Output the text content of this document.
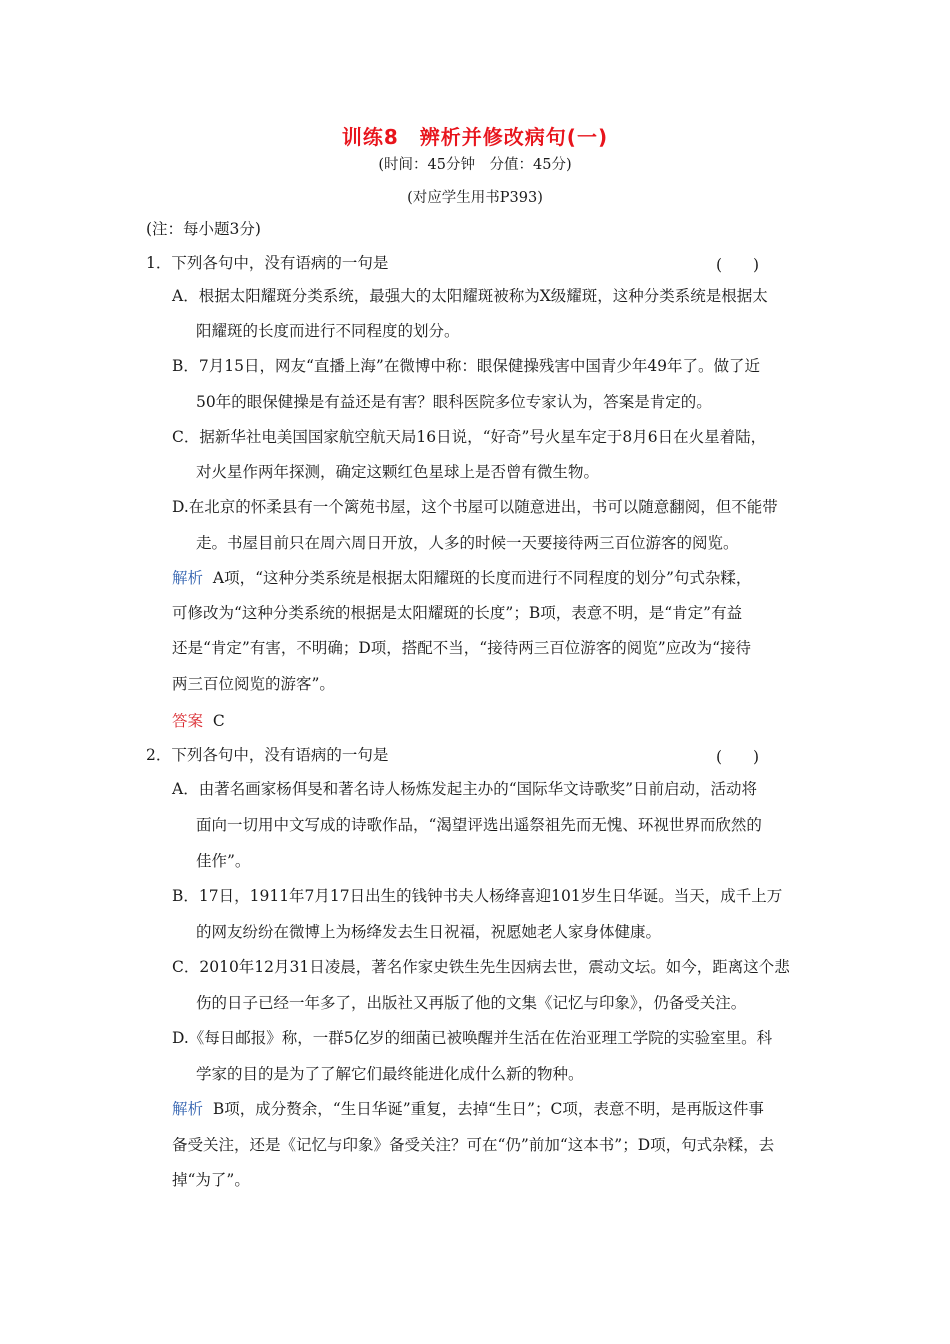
训练8　辨析并修改病句(一)
(时间：45分钟　分值：45分)
(对应学生用书P393)
(注：每小题3分)
1．下列各句中，没有语病的一句是	(　　)
A．根据太阳耀斑分类系统，最强大的太阳耀斑被称为X级耀斑，这种分类系统是根据太
阳耀斑的长度而进行不同程度的划分。
B．7月15日，网友“直播上海”在微博中称：眼保健操残害中国青少年49年了。做了近
50年的眼保健操是有益还是有害？眼科医院多位专家认为，答案是肯定的。
C．据新华社电美国国家航空航天局16日说，“好奇”号火星车定于8月6日在火星着陆，
对火星作两年探测，确定这颗红色星球上是否曾有微生物。
D.在北京的怀柔县有一个篱苑书屋，这个书屋可以随意进出，书可以随意翻阅，但不能带
走。书屋目前只在周六周日开放，人多的时候一天要接待两三百位游客的阅览。
解析 A项，“这种分类系统是根据太阳耀斑的长度而进行不同程度的划分”句式杂糅，
可修改为“这种分类系统的根据是太阳耀斑的长度”；B项，表意不明，是“肯定”有益
还是“肯定”有害，不明确；D项，搭配不当，“接待两三百位游客的阅览”应改为“接待
两三百位阅览的游客”。
答案 C
2．下列各句中，没有语病的一句是	(　　)
A．由著名画家杨佴旻和著名诗人杨炼发起主办的“国际华文诗歌奖”日前启动，活动将
面向一切用中文写成的诗歌作品，“渴望评选出遥祭祖先而无愧、环视世界而欣然的
佳作”。
B．17日，1911年7月17日出生的钱钟书夫人杨绛喜迎101岁生日华诞。当天，成千上万
的网友纷纷在微博上为杨绛发去生日祝福，祝愿她老人家身体健康。
C．2010年12月31日凌晨，著名作家史铁生先生因病去世，震动文坛。如今，距离这个悲
伤的日子已经一年多了，出版社又再版了他的文集《记忆与印象》，仍备受关注。
D.《每日邮报》称，一群5亿岁的细菌已被唤醒并生活在佐治亚理工学院的实验室里。科
学家的目的是为了了解它们最终能进化成什么新的物种。
解析 B项，成分赘余，“生日华诞”重复，去掉“生日”；C项，表意不明，是再版这件事
备受关注，还是《记忆与印象》备受关注？可在“仍”前加“这本书”；D项，句式杂糅，去
掉“为了”。
